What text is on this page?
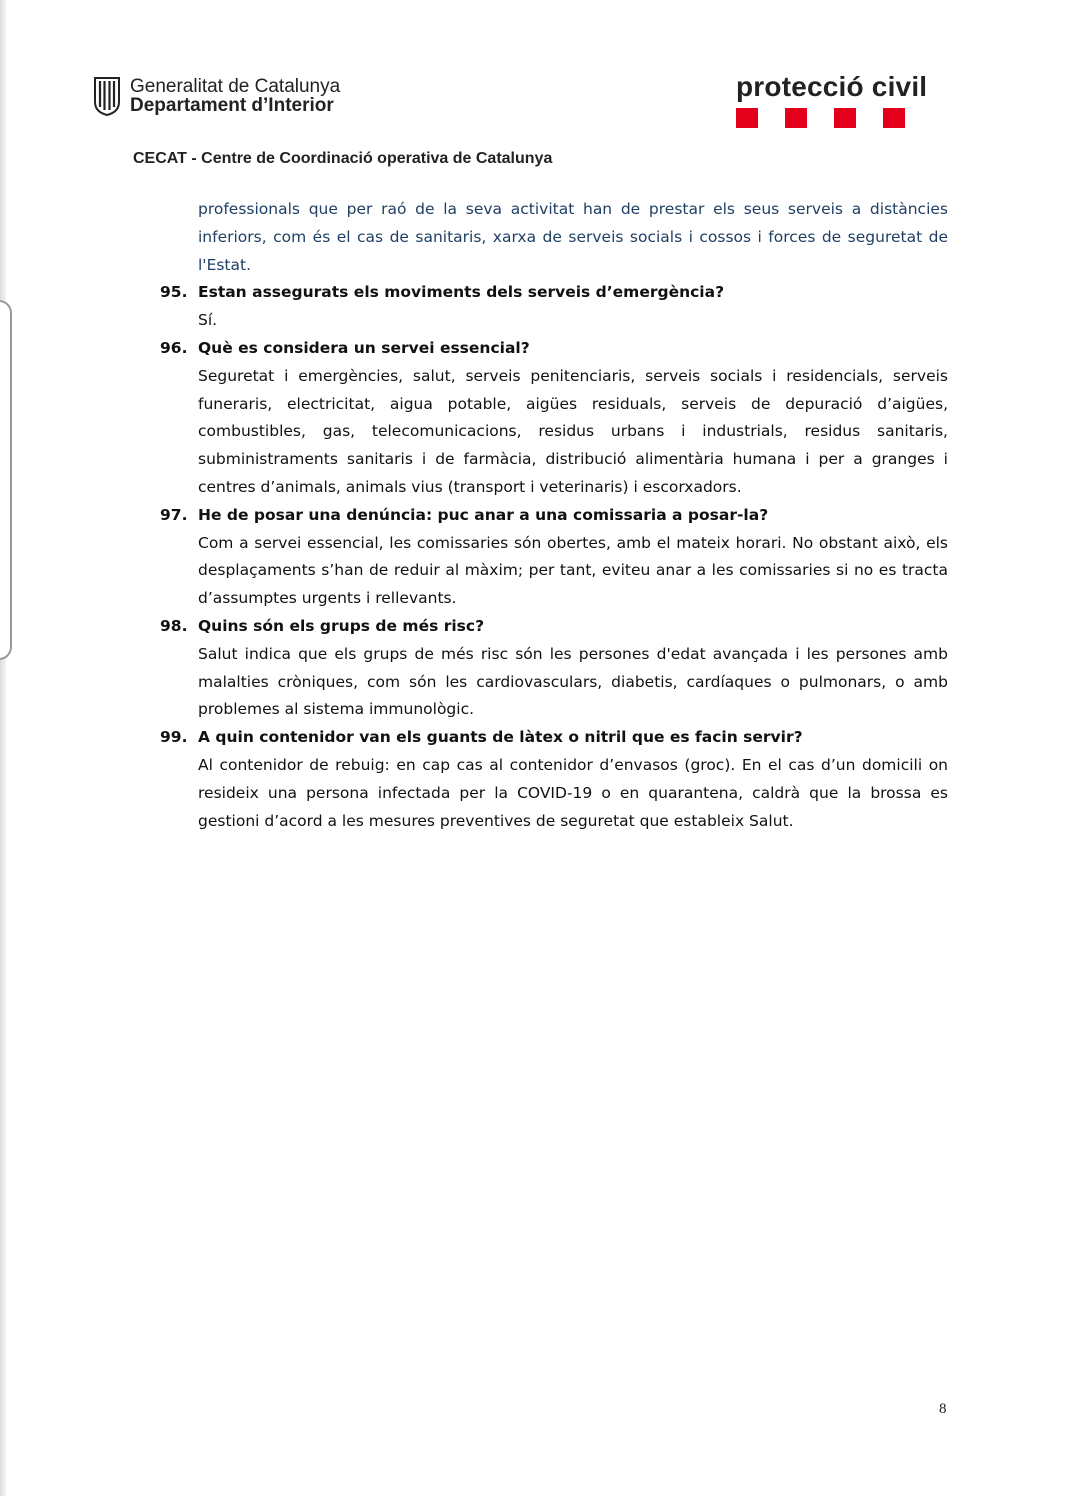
Generalitat de Catalunya
Departament d’Interior
protecció civil
CECAT - Centre de Coordinació operativa de Catalunya
professionals que per raó de la seva activitat han de prestar els seus serveis a distàncies inferiors, com és el cas de sanitaris, xarxa de serveis socials i cossos i forces de seguretat de l'Estat.
95. Estan assegurats els moviments dels serveis d’emergència?
Sí.
96. Què es considera un servei essencial?
Seguretat i emergències, salut, serveis penitenciaris, serveis socials i residencials, serveis funeraris, electricitat, aigua potable, aigües residuals, serveis de depuració d’aigües, combustibles, gas, telecomunicacions, residus urbans i industrials, residus sanitaris, subministraments sanitaris i de farmàcia, distribució alimentària humana i per a granges i centres d’animals, animals vius (transport i veterinaris) i escorxadors.
97. He de posar una denúncia: puc anar a una comissaria a posar-la?
Com a servei essencial, les comissaries són obertes, amb el mateix horari. No obstant això, els desplaçaments s’han de reduir al màxim; per tant, eviteu anar a les comissaries si no es tracta d’assumptes urgents i rellevants.
98. Quins són els grups de més risc?
Salut indica que els grups de més risc són les persones d'edat avançada i les persones amb malalties cròniques, com són les cardiovasculars, diabetis, cardíaques o pulmonars, o amb problemes al sistema immunològic.
99. A quin contenidor van els guants de làtex o nitril que es facin servir?
Al contenidor de rebuig: en cap cas al contenidor d’envasos (groc). En el cas d’un domicili on resideix una persona infectada per la COVID-19 o en quarantena, caldrà que la brossa es gestioni d’acord a les mesures preventives de seguretat que estableix Salut.
8
